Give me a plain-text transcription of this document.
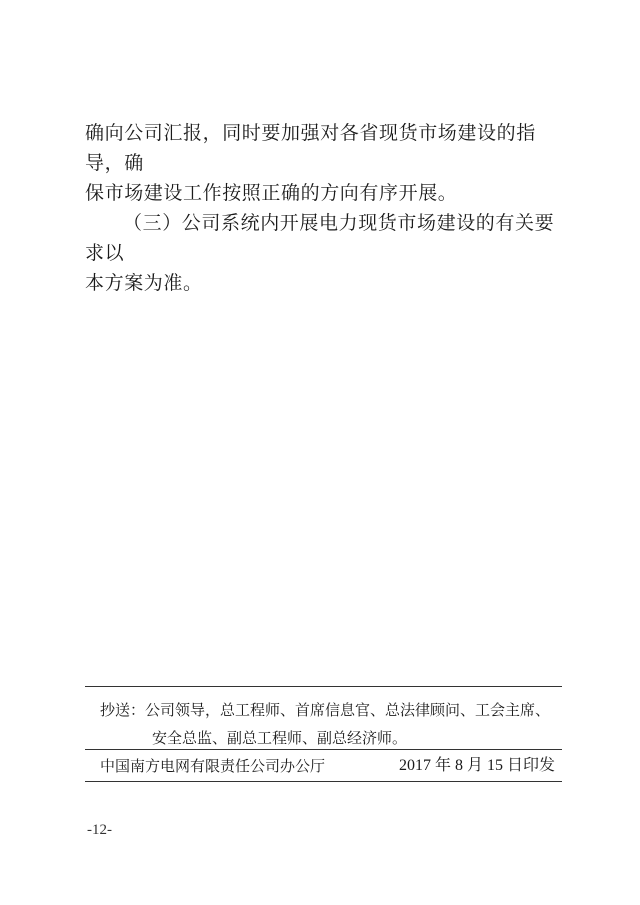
确向公司汇报，同时要加强对各省现货市场建设的指导，确

保市场建设工作按照正确的方向有序开展。

（三）公司系统内开展电力现货市场建设的有关要求以

本方案为准。

抄送：公司领导，总工程师、首席信息官、总法律顾问、工会主席、
安全总监、副总工程师、副总经济师。
中国南方电网有限责任公司办公厅	2017 年 8 月 15 日印发
-12-
